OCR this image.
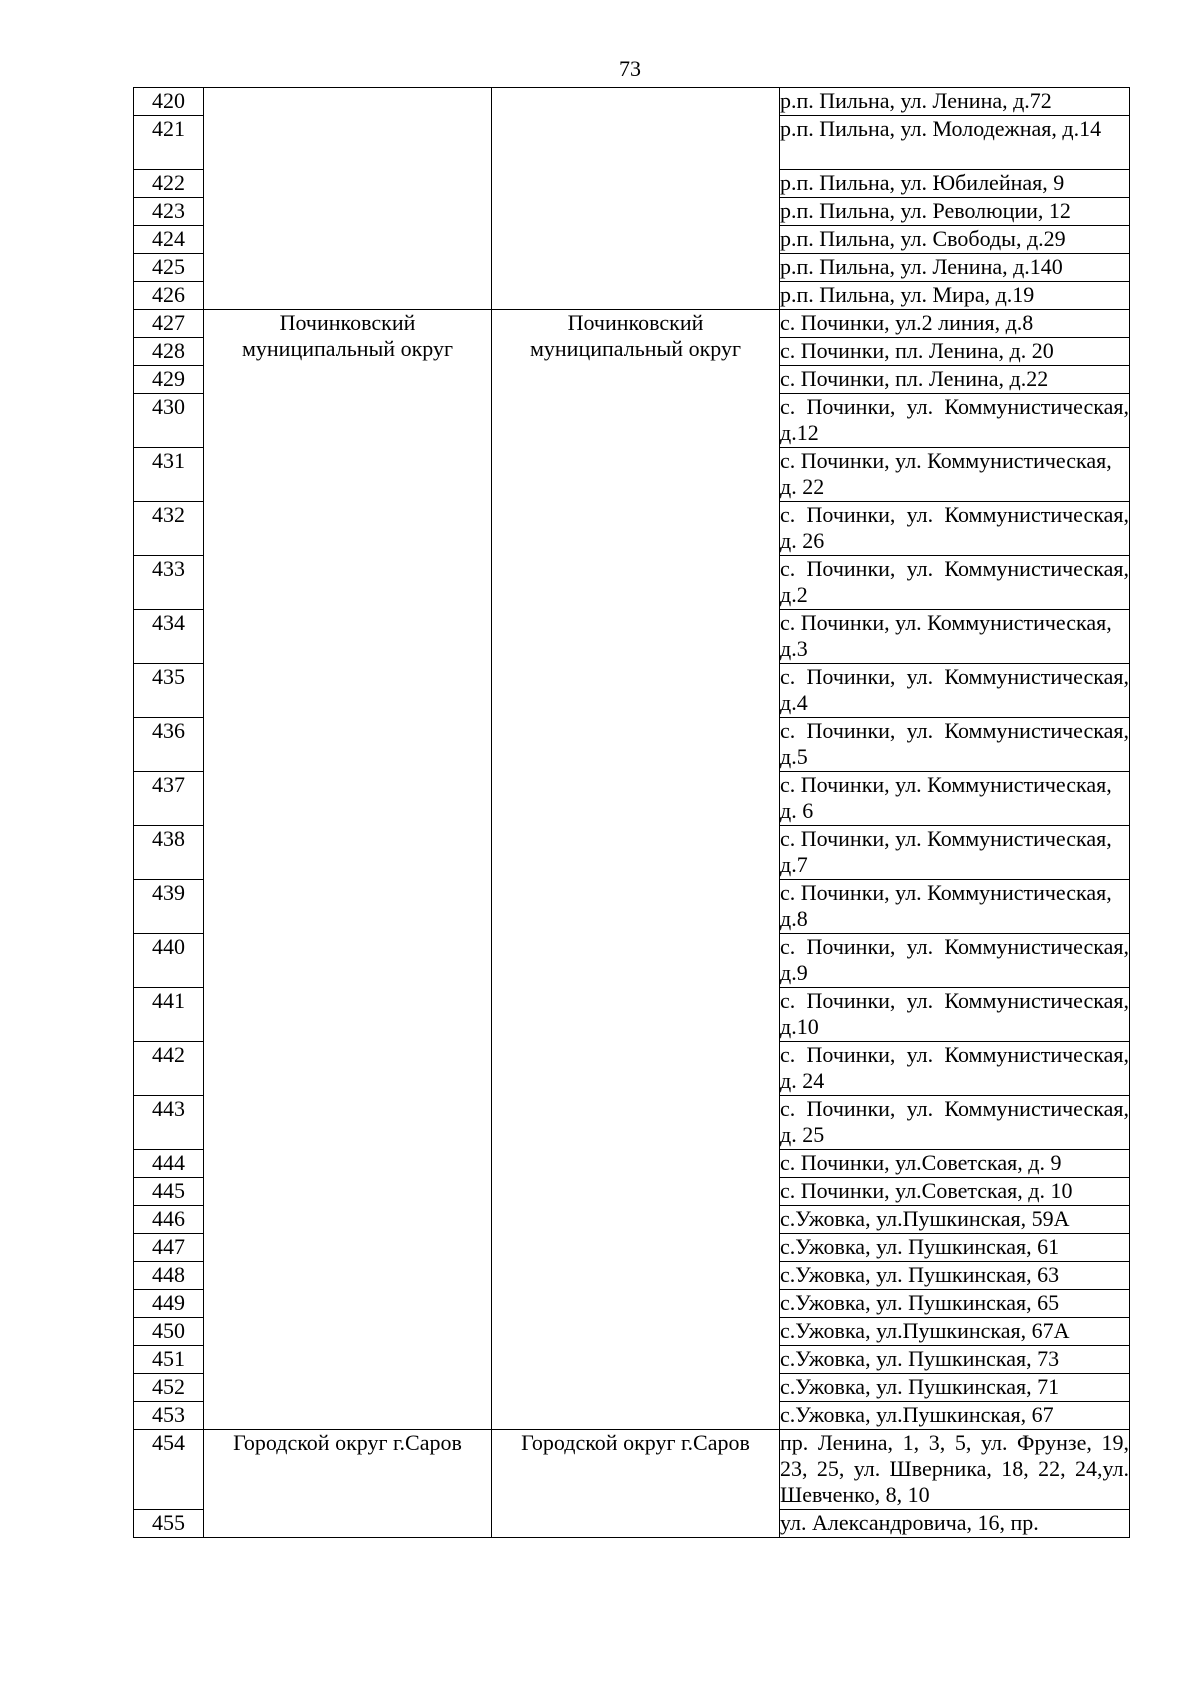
73
420			р.п. Пильна, ул. Ленина, д.72
421			р.п. Пильна, ул. Молодежная, д.14
422			р.п. Пильна, ул. Юбилейная, 9
423			р.п. Пильна, ул. Революции, 12
424			р.п. Пильна, ул. Свободы, д.29
425			р.п. Пильна, ул. Ленина, д.140
426			р.п. Пильна, ул. Мира, д.19
427	Починковский муниципальный округ	Починковский муниципальный округ	с. Починки, ул.2 линия, д.8
428			с. Починки, пл. Ленина, д. 20
429			с. Починки, пл. Ленина, д.22
430			с. Починки, ул. Коммунистическая, д.12
431			с. Починки, ул. Коммунистическая, д. 22
432			с. Починки, ул. Коммунистическая, д. 26
433			с. Починки, ул. Коммунистическая, д.2
434			с. Починки, ул. Коммунистическая, д.3
435			с. Починки, ул. Коммунистическая, д.4
436			с. Починки, ул. Коммунистическая, д.5
437			с. Починки, ул. Коммунистическая, д. 6
438			с. Починки, ул. Коммунистическая, д.7
439			с. Починки, ул. Коммунистическая, д.8
440			с. Починки, ул. Коммунистическая, д.9
441			с. Починки, ул. Коммунистическая, д.10
442			с. Починки, ул. Коммунистическая, д. 24
443			с. Починки, ул. Коммунистическая, д. 25
444			с. Починки, ул.Советская, д. 9
445			с. Починки, ул.Советская, д. 10
446			с.Ужовка, ул.Пушкинская, 59А
447			с.Ужовка, ул. Пушкинская, 61
448			с.Ужовка, ул. Пушкинская, 63
449			с.Ужовка, ул. Пушкинская, 65
450			с.Ужовка, ул.Пушкинская, 67А
451			с.Ужовка, ул. Пушкинская, 73
452			с.Ужовка, ул. Пушкинская, 71
453			с.Ужовка, ул.Пушкинская, 67
454	Городской округ г.Саров	Городской округ г.Саров	пр. Ленина, 1, 3, 5, ул. Фрунзе, 19, 23, 25, ул. Шверника, 18, 22, 24,ул. Шевченко, 8, 10
455			ул. Александровича, 16, пр.
